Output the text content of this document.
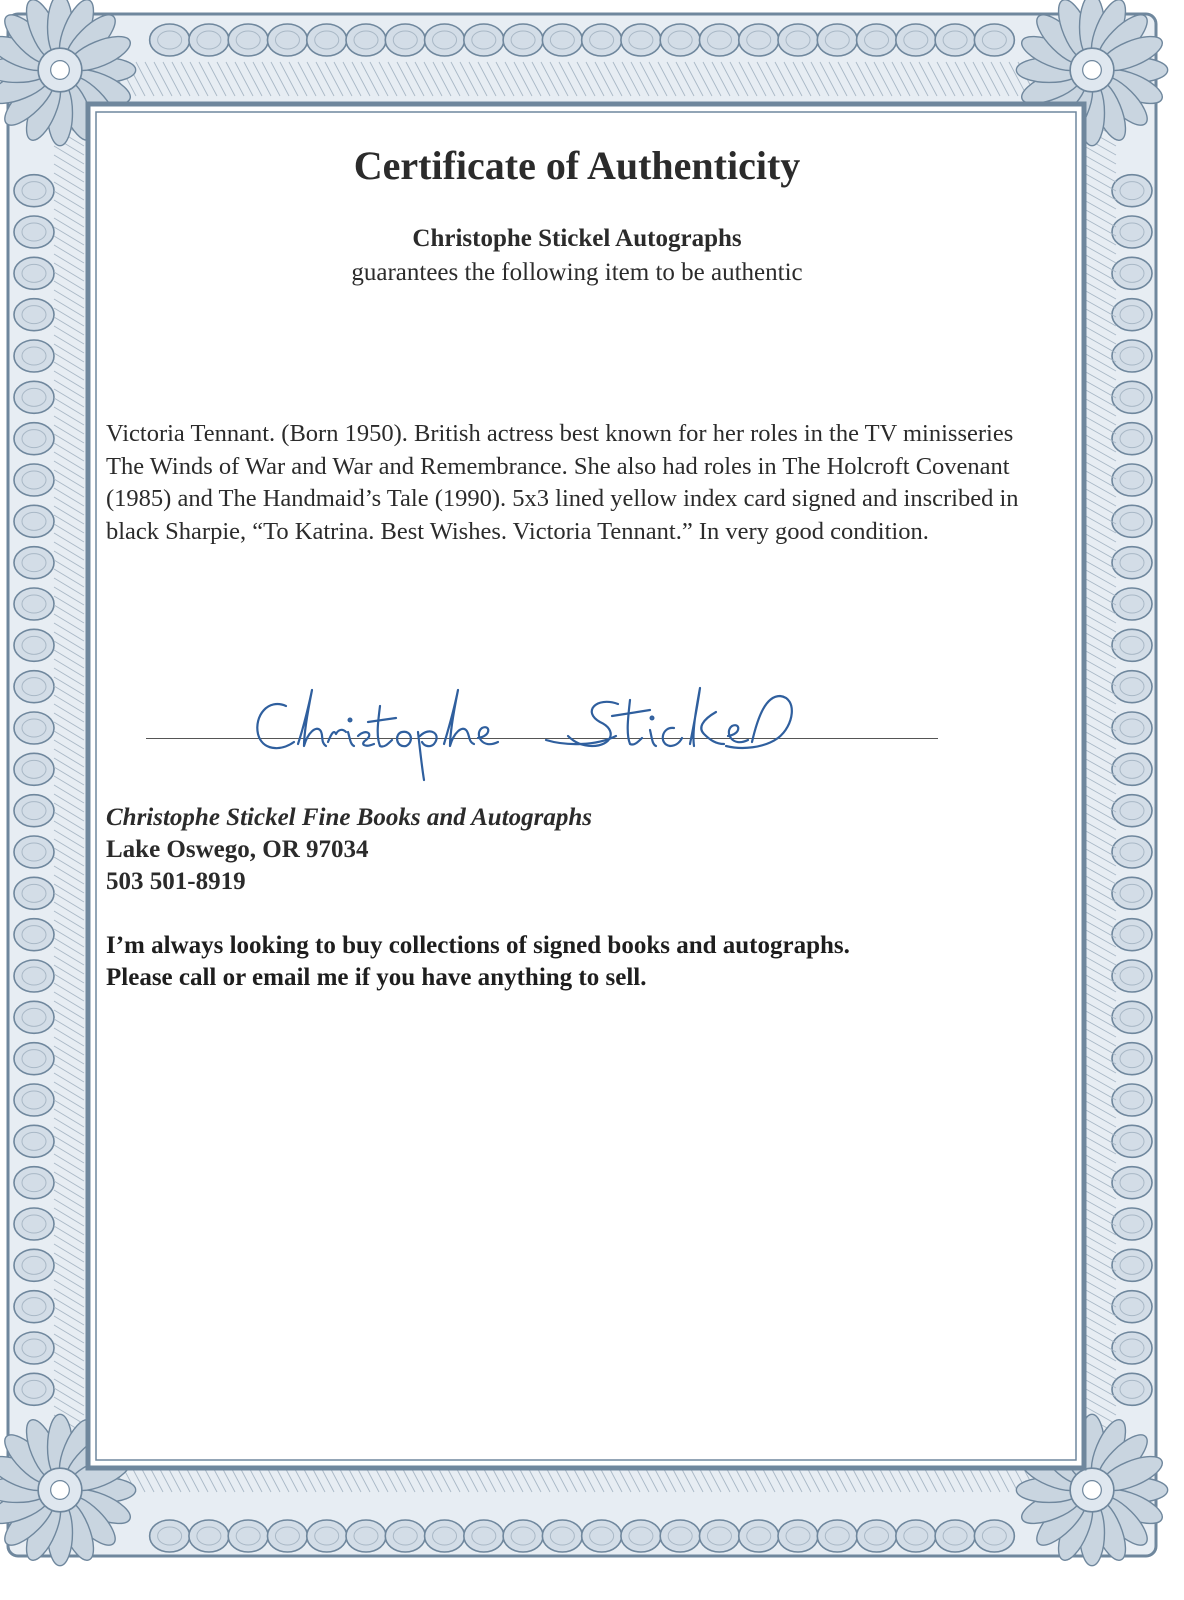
Certificate of Authenticity
Christophe Stickel Autographs
guarantees the following item to be authentic

Victoria Tennant. (Born 1950). British actress best known for her roles in the TV minisseries The Winds of War and War and Remembrance. She also had roles in The Holcroft Covenant (1985) and The Handmaid’s Tale (1990). 5x3 lined yellow index card signed and inscribed in black Sharpie, “To Katrina. Best Wishes. Victoria Tennant.” In very good condition.

Christophe Stickel Fine Books and Autographs
Lake Oswego, OR 97034
503 501-8919
I’m always looking to buy collections of signed books and autographs.
Please call or email me if you have anything to sell.
